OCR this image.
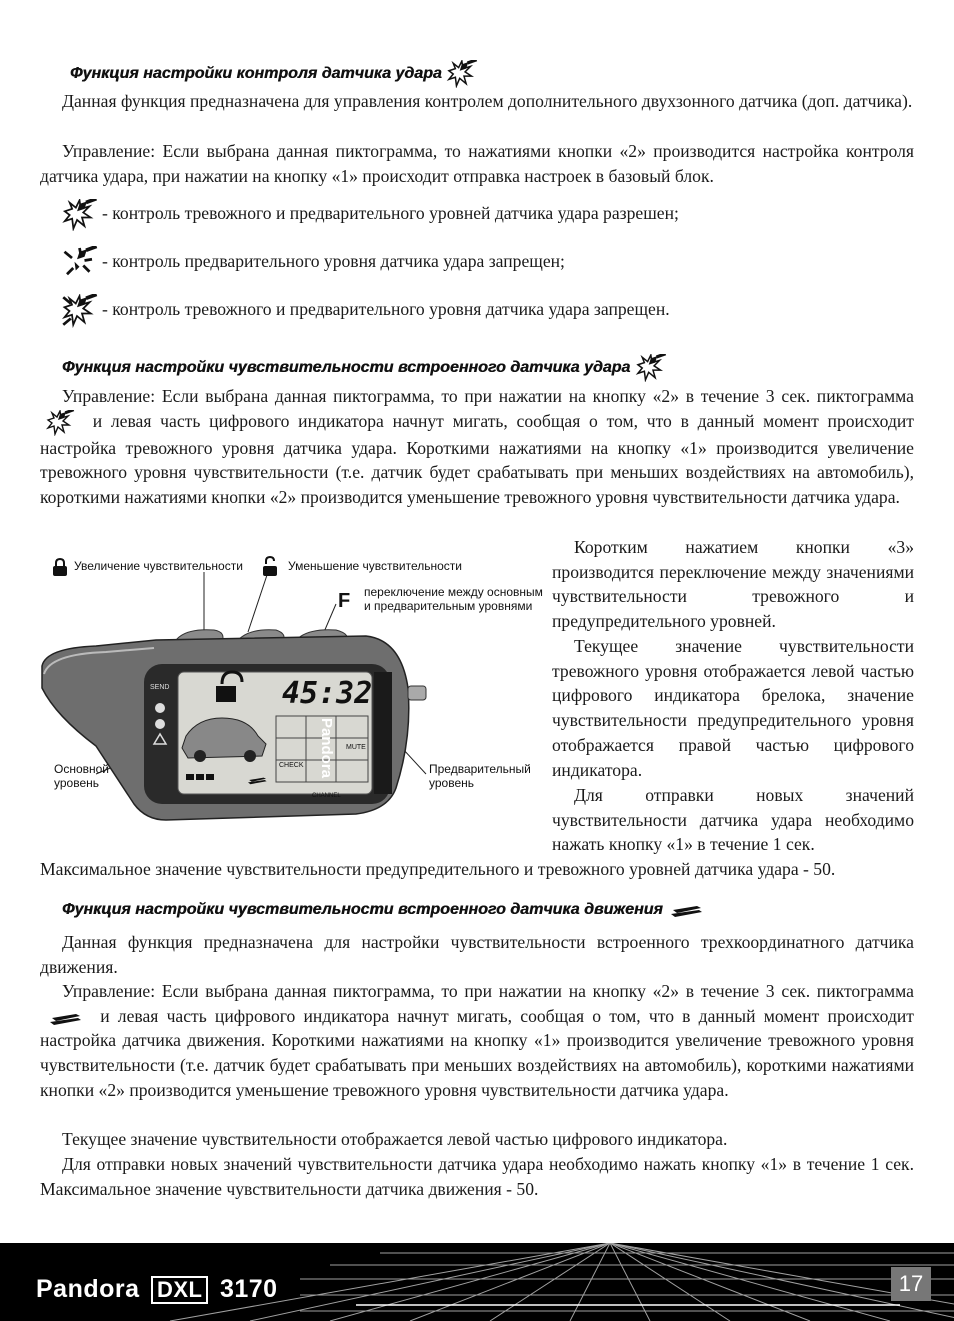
Функция настройки контроля датчика удара

Данная функция предназначена для управления контролем дополнительного двухзонного датчика (доп. датчика).

Управление: Если выбрана данная пиктограмма, то нажатиями кнопки «2» производится настройка контроля датчика удара, при нажатии на кнопку «1» происходит отправка настроек в базовый блок.

- контроль тревожного и предварительного уровней датчика удара разрешен;
- контроль предварительного уровня датчика удара запрещен;
- контроль тревожного и предварительного уровня датчика удара запрещен.
Функция настройки чувствительности встроенного датчика удара

Управление: Если выбрана данная пиктограмма, то при нажатии на кнопку «2» в течение 3 сек. пиктограмма  и левая часть цифрового индикатора начнут мигать, сообщая о том, что в данный момент происходит настройка тревожного уровня датчика удара. Короткими нажатиями на кнопку «1» производится увеличение тревожного уровня чувствительности (т.е. датчик будет срабатывать при меньших воздействиях на автомобиль), короткими нажатиями кнопки «2» производится уменьшение тревожного уровня чувствительности датчика удара.

Увеличение чувствительности	Уменьшение чувствительности
F переключение между основным и предварительным уровнями
Основной уровень
Предварительный уровень
45:32
SEND
MUTE
CHECK
CHANNEL
Pandora

Коротким нажатием кнопки «3» производится переключение между значениями чувствительности тревожного и предупредительного уровней.

Текущее значение чувствительности тревожного уровня отображается левой частью цифрового индикатора брелока, значение чувствительности предупредительного уровня отображается правой частью цифрового индикатора.

Для отправки новых значений чувствительности датчика удара необходимо нажать кнопку «1» в течение 1 сек.

Максимальное значение чувствительности предупредительного и тревожного уровней датчика удара - 50.

Функция настройки чувствительности встроенного датчика движения

Данная функция предназначена для настройки чувствительности встроенного трехкоординатного датчика движения.

Управление: Если выбрана данная пиктограмма, то при нажатии на кнопку «2» в течение 3 сек. пиктограмма  и левая часть цифрового индикатора начнут мигать, сообщая о том, что в данный момент происходит настройка датчика движения. Короткими нажатиями на кнопку «1» производится увеличение тревожного уровня чувствительности (т.е. датчик будет срабатывать при меньших воздействиях на автомобиль), короткими нажатиями кнопки «2» производится уменьшение тревожного уровня чувствительности датчика удара.

Текущее значение чувствительности отображается левой частью цифрового индикатора.

Для отправки новых значений чувствительности датчика удара необходимо нажать кнопку «1» в течение 1 сек. Максимальное значение чувствительности датчика движения - 50.

Pandora DXL 3170	17
